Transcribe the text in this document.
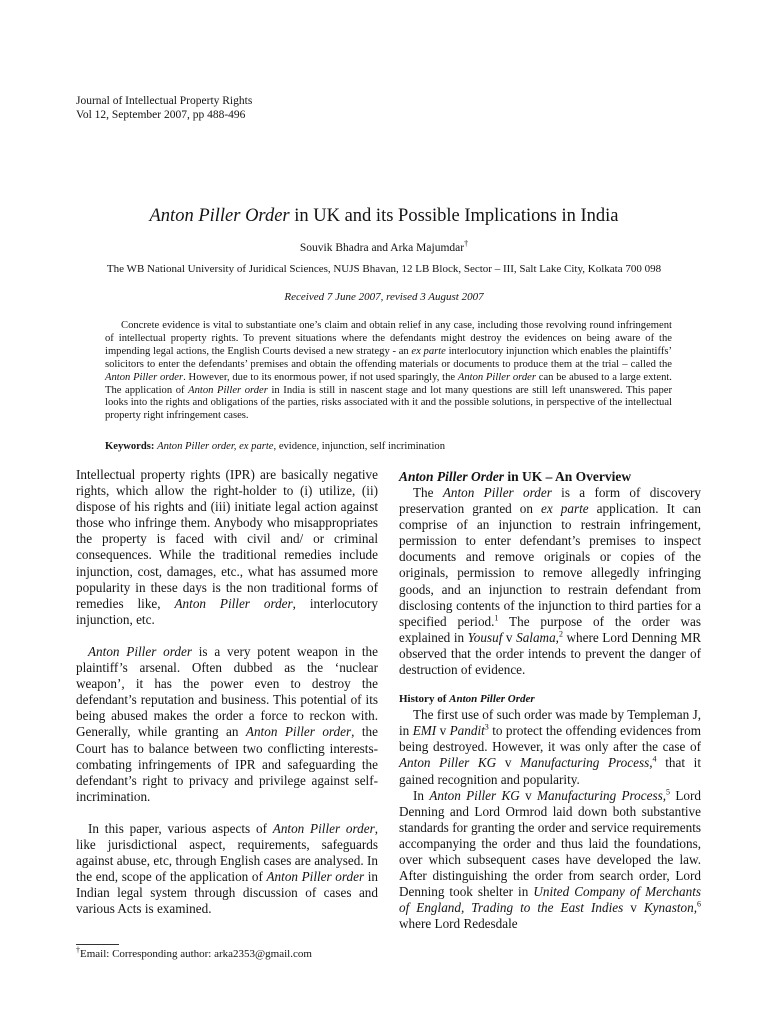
Journal of Intellectual Property Rights
Vol 12, September 2007, pp 488-496
Anton Piller Order in UK and its Possible Implications in India
Souvik Bhadra and Arka Majumdar†
The WB National University of Juridical Sciences, NUJS Bhavan, 12 LB Block, Sector – III, Salt Lake City, Kolkata 700 098
Received 7 June 2007, revised 3 August 2007

Concrete evidence is vital to substantiate one’s claim and obtain relief in any case, including those revolving round infringement of intellectual property rights. To prevent situations where the defendants might destroy the evidences on being aware of the impending legal actions, the English Courts devised a new strategy - an ex parte interlocutory injunction which enables the plaintiffs’ solicitors to enter the defendants’ premises and obtain the offending materials or documents to produce them at the trial – called the Anton Piller order. However, due to its enormous power, if not used sparingly, the Anton Piller order can be abused to a large extent. The application of Anton Piller order in India is still in nascent stage and lot many questions are still left unanswered. This paper looks into the rights and obligations of the parties, risks associated with it and the possible solutions, in perspective of the intellectual property right infringement cases.

Keywords: Anton Piller order, ex parte, evidence, injunction, self incrimination

Intellectual property rights (IPR) are basically negative rights, which allow the right-holder to (i) utilize, (ii) dispose of his rights and (iii) initiate legal action against those who infringe them. Anybody who misappropriates the property is faced with civil and/ or criminal consequences. While the traditional remedies include injunction, cost, damages, etc., what has assumed more popularity in these days is the non traditional forms of remedies like, Anton Piller order, interlocutory injunction, etc.

Anton Piller order is a very potent weapon in the plaintiff’s arsenal. Often dubbed as the ‘nuclear weapon’, it has the power even to destroy the defendant’s reputation and business. This potential of its being abused makes the order a force to reckon with. Generally, while granting an Anton Piller order, the Court has to balance between two conflicting interests- combating infringements of IPR and safeguarding the defendant’s right to privacy and privilege against self-incrimination.

In this paper, various aspects of Anton Piller order, like jurisdictional aspect, requirements, safeguards against abuse, etc, through English cases are analysed. In the end, scope of the application of Anton Piller order in Indian legal system through discussion of cases and various Acts is examined.

†Email: Corresponding author: arka2353@gmail.com
Anton Piller Order in UK – An Overview

The Anton Piller order is a form of discovery preservation granted on ex parte application. It can comprise of an injunction to restrain infringement, permission to enter defendant’s premises to inspect documents and remove originals or copies of the originals, permission to remove allegedly infringing goods, and an injunction to restrain defendant from disclosing contents of the injunction to third parties for a specified period.$^1$ The purpose of the order was explained in Yousuf v Salama,$^2$ where Lord Denning MR observed that the order intends to prevent the danger of destruction of evidence.

History of Anton Piller Order

The first use of such order was made by Templeman J, in EMI v Pandit$^3$ to protect the offending evidences from being destroyed. However, it was only after the case of Anton Piller KG v Manufacturing Process,$^4$ that it gained recognition and popularity.

In Anton Piller KG v Manufacturing Process,$^5$ Lord Denning and Lord Ormrod laid down both substantive standards for granting the order and service requirements accompanying the order and thus laid the foundations, over which subsequent cases have developed the law. After distinguishing the order from search order, Lord Denning took shelter in United Company of Merchants of England, Trading to the East Indies v Kynaston,$^6$ where Lord Redesdale
